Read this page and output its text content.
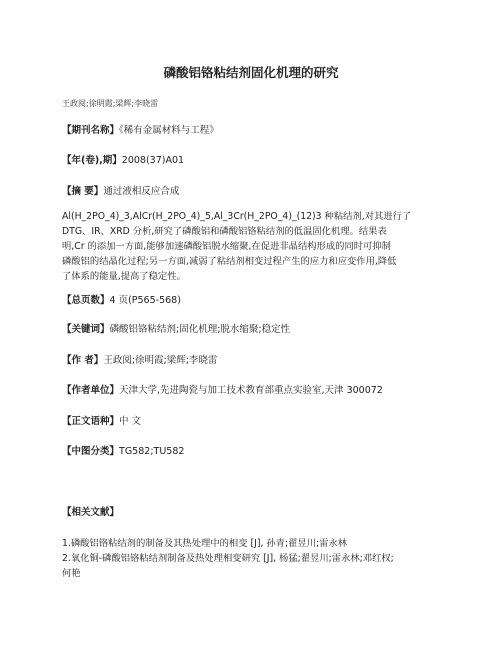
磷酸铝铬粘结剂固化机理的研究
王政阅;徐明霞;梁辉;李晓雷
【期刊名称】《稀有金属材料与工程》
【年(卷),期】2008(37)A01
【摘 要】通过液相反应合成
Al(H_2PO_4)_3,AlCr(H_2PO_4)_5,Al_3Cr(H_2PO_4)_(12)3 种粘结剂,对其进行了
DTG、IR、XRD 分析,研究了磷酸铝和磷酸铝铬粘结剂的低温固化机理。结果表
明,Cr 的添加一方面,能够加速磷酸铝脱水缩聚,在促进非晶结构形成的同时可抑制
磷酸铝的结晶化过程;另一方面,减弱了粘结剂相变过程产生的应力和应变作用,降低
了体系的能量,提高了稳定性。
【总页数】4 页(P565-568)
【关键词】磷酸铝铬粘结剂;固化机理;脱水缩聚;稳定性
【作 者】王政阅;徐明霞;梁辉;李晓雷
【作者单位】天津大学,先进陶瓷与加工技术教育部重点实验室,天津 300072
【正文语种】中 文
【中图分类】TG582;TU582
【相关文献】
1.磷酸铝铬粘结剂的制备及其热处理中的相变 [J], 孙青;翟昱川;雷永林
2.氧化铜-磷酸铝铬粘结剂制备及热处理相变研究 [J], 杨猛;翟昱川;雷永林;邓红权;
何艳
